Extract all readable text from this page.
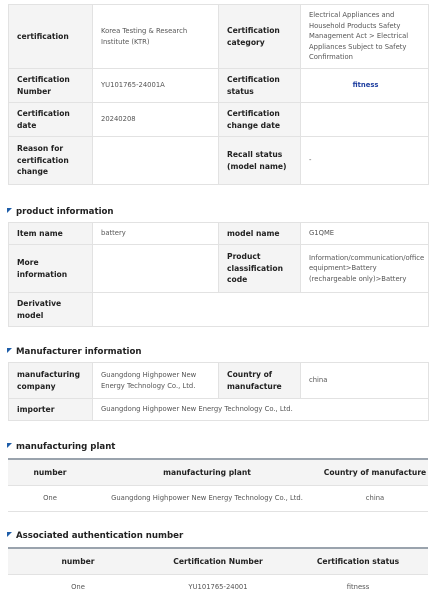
certification	Korea Testing & Research Institute (KTR)	Certification category	Electrical Appliances and Household Products Safety Management Act > Electrical Appliances Subject to Safety Confirmation
Certification Number	YU101765-24001A	Certification status	fitness
Certification date	20240208	Certification change date	
Reason for certification change		Recall status (model name)	-
product information
Item name	battery	model name	G1QME
More information		Product classification code	Information/communication/office equipment>Battery (rechargeable only)>Battery
Derivative model			
Manufacturer information
manufacturing company	Guangdong Highpower New Energy Technology Co., Ltd.	Country of manufacture	china
importer	Guangdong Highpower New Energy Technology Co., Ltd.		
manufacturing plant
number	manufacturing plant	Country of manufacture
One	Guangdong Highpower New Energy Technology Co., Ltd.	china
Associated authentication number
number	Certification Number	Certification status
One	YU101765-24001	fitness
